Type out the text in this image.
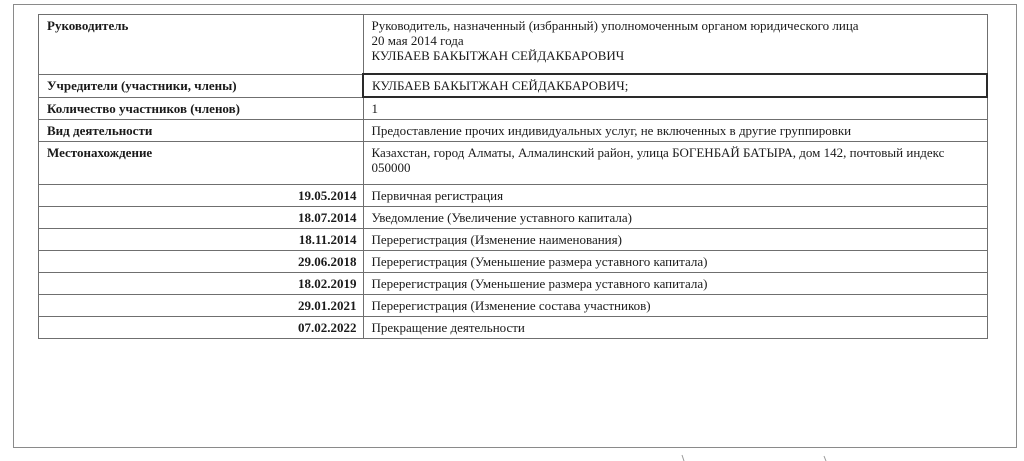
Руководитель	Руководитель, назначенный (избранный) уполномоченным органом юридического лица
20 мая 2014 года
КУЛБАЕВ БАКЫТЖАН СЕЙДАКБАРОВИЧ

Учредители (участники, члены)	КУЛБАЕВ БАКЫТЖАН СЕЙДАКБАРОВИЧ;
Количество участников (членов)	1
Вид деятельности	Предоставление прочих индивидуальных услуг, не включенных в другие группировки
Местонахождение	Казахстан, город Алматы, Алмалинский район, улица БОГЕНБАЙ БАТЫРА, дом 142, почтовый индекс 050000
19.05.2014	Первичная регистрация
18.07.2014	Уведомление (Увеличение уставного капитала)
18.11.2014	Перерегистрация (Изменение наименования)
29.06.2018	Перерегистрация (Уменьшение размера уставного капитала)
18.02.2019	Перерегистрация (Уменьшение размера уставного капитала)
29.01.2021	Перерегистрация (Изменение состава участников)
07.02.2022	Прекращение деятельности
